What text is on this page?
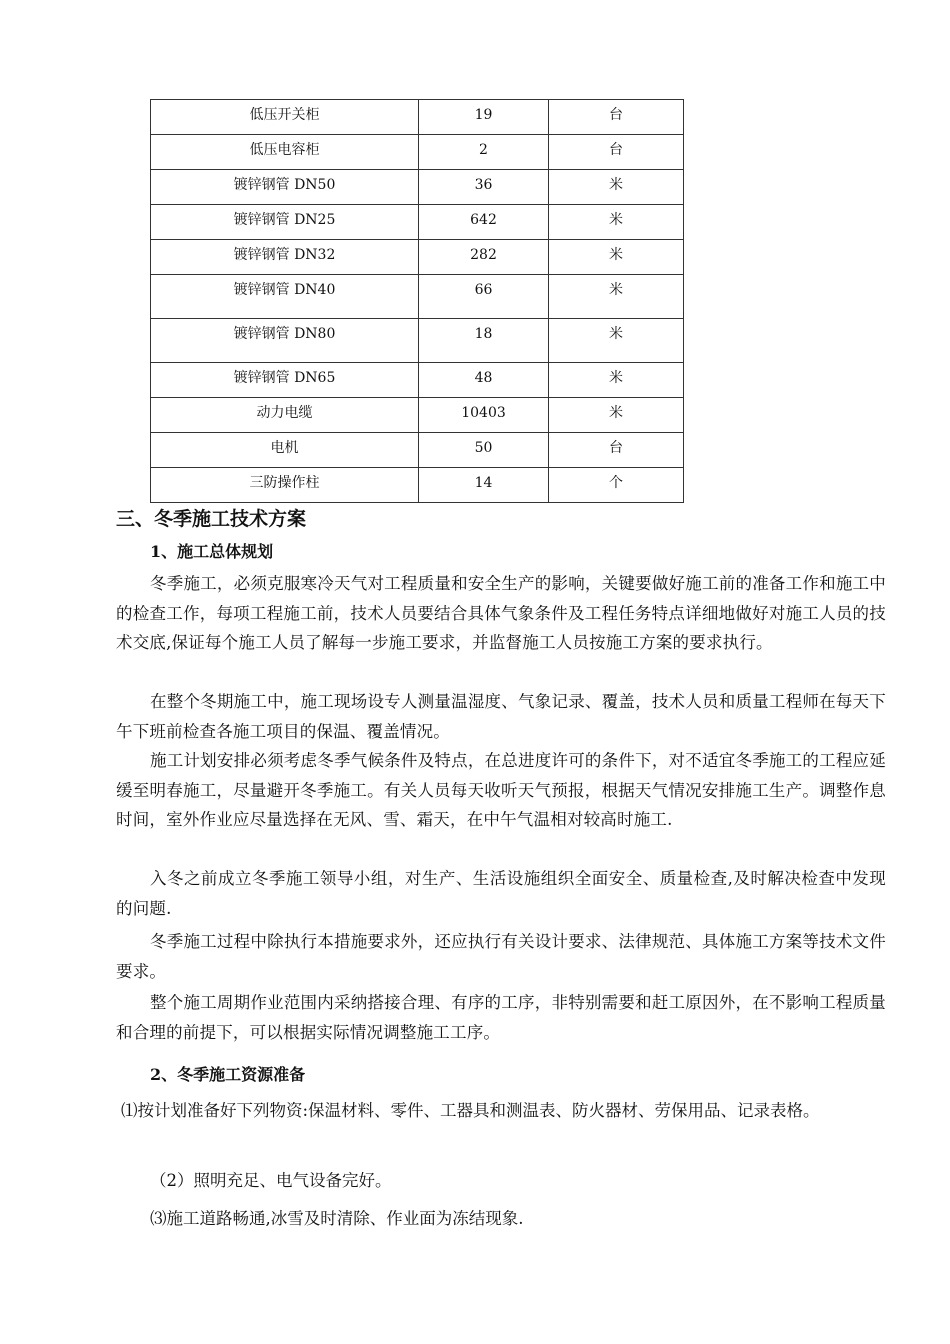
低压开关柜	19	台
低压电容柜	2	台
镀锌钢管 DN50	36	米
镀锌钢管 DN25	642	米
镀锌钢管 DN32	282	米
镀锌钢管 DN40	66	米
镀锌钢管 DN80	18	米
镀锌钢管 DN65	48	米
动力电缆	10403	米
电机	50	台
三防操作柱	14	个
三、冬季施工技术方案
1、施工总体规划

冬季施工，必须克服寒冷天气对工程质量和安全生产的影响，关键要做好施工前的准备工作和施工中的检查工作，每项工程施工前，技术人员要结合具体气象条件及工程任务特点详细地做好对施工人员的技术交底,保证每个施工人员了解每一步施工要求，并监督施工人员按施工方案的要求执行。

在整个冬期施工中，施工现场设专人测量温湿度、气象记录、覆盖，技术人员和质量工程师在每天下午下班前检查各施工项目的保温、覆盖情况。

施工计划安排必须考虑冬季气候条件及特点，在总进度许可的条件下，对不适宜冬季施工的工程应延缓至明春施工，尽量避开冬季施工。有关人员每天收听天气预报，根据天气情况安排施工生产。调整作息时间，室外作业应尽量选择在无风、雪、霜天，在中午气温相对较高时施工.

入冬之前成立冬季施工领导小组，对生产、生活设施组织全面安全、质量检查,及时解决检查中发现的问题.

冬季施工过程中除执行本措施要求外，还应执行有关设计要求、法律规范、具体施工方案等技术文件要求。

整个施工周期作业范围内采纳搭接合理、有序的工序，非特别需要和赶工原因外，在不影响工程质量和合理的前提下，可以根据实际情况调整施工工序。

2、冬季施工资源准备

⑴按计划准备好下列物资:保温材料、零件、工器具和测温表、防火器材、劳保用品、记录表格。

（2）照明充足、电气设备完好。

⑶施工道路畅通,冰雪及时清除、作业面为冻结现象.
